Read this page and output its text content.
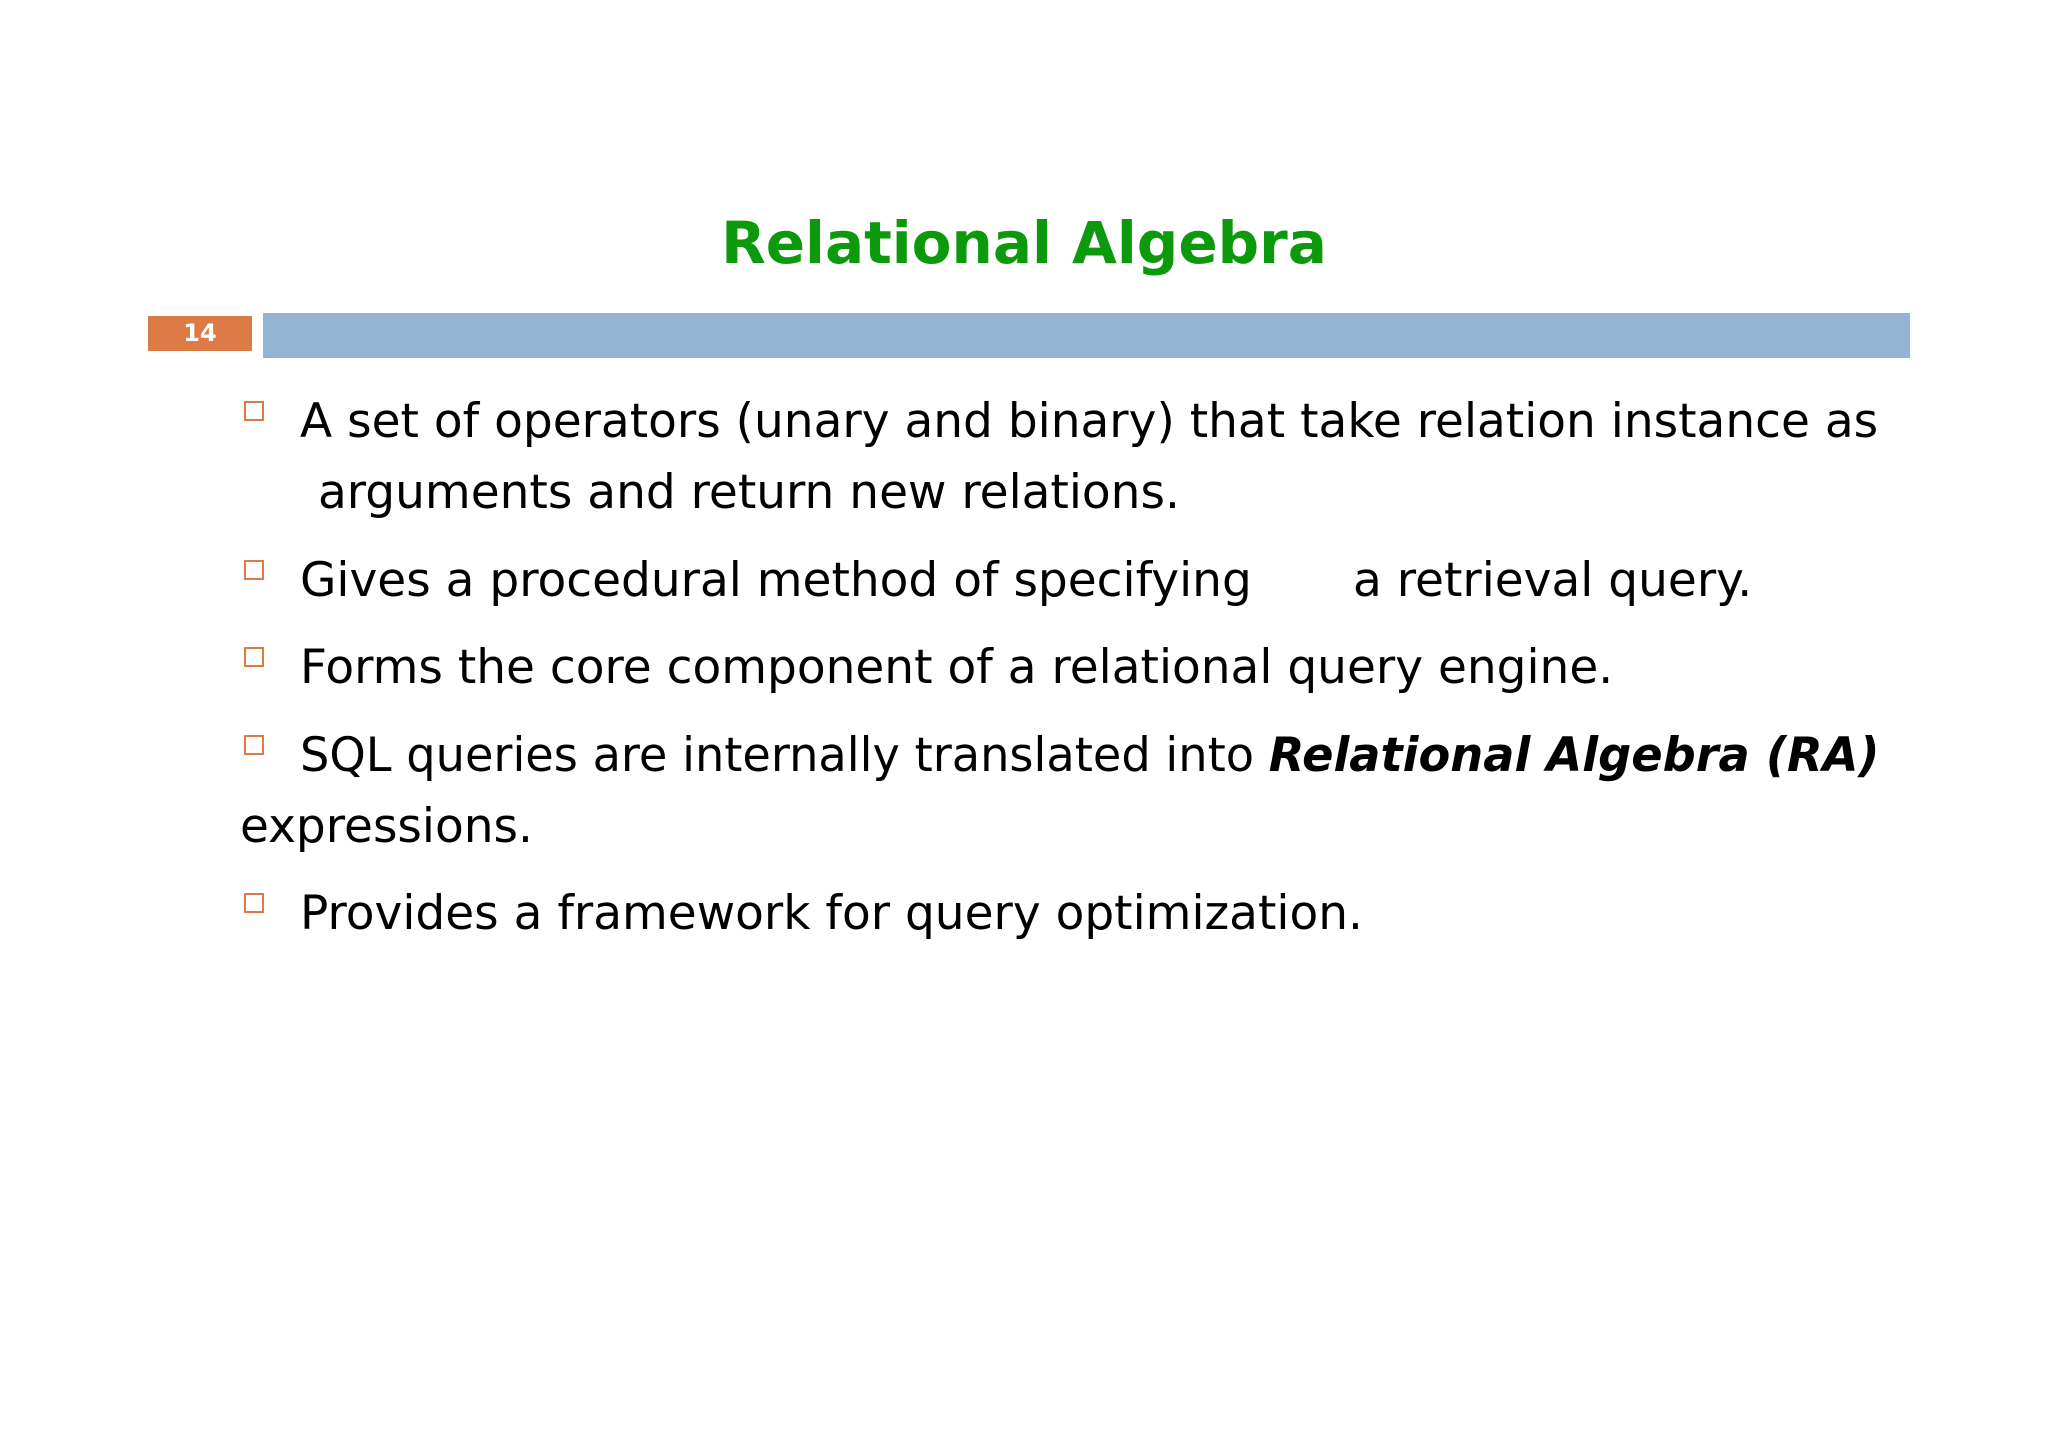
Relational Algebra
14
A set of operators (unary and binary) that take relation instance as
arguments and return new relations.
Gives a procedural method of specifying a retrieval query.
Forms the core component of a relational query engine.
SQL queries are internally translated into Relational Algebra (RA)
expressions.
Provides a framework for query optimization.
